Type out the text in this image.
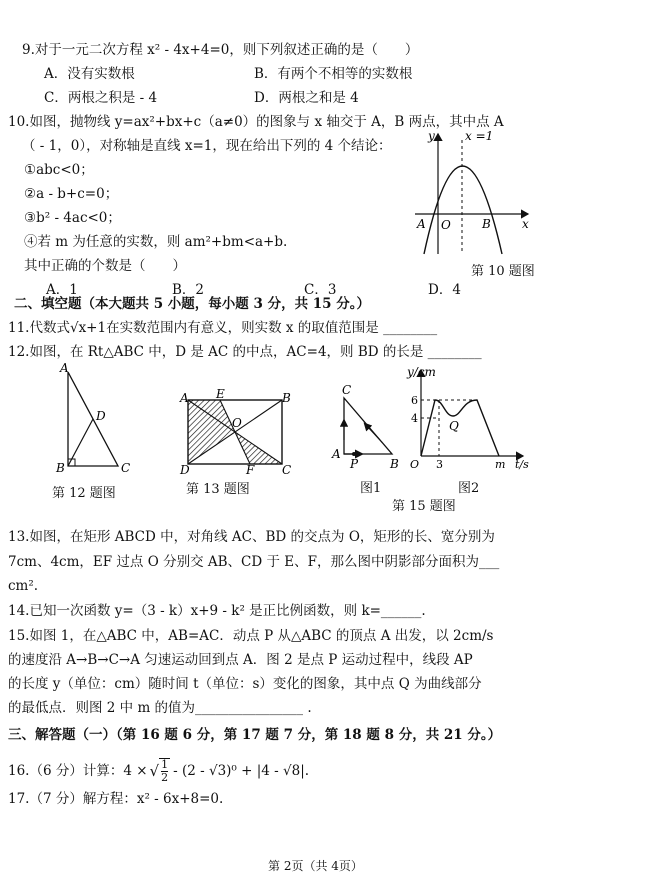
9.对于一元二次方程 x² - 4x+4=0，则下列叙述正确的是（　　）
A．没有实数根	B．有两个不相等的实数根
C．两根之积是 - 4	D．两根之和是 4
10.如图，抛物线 y=ax²+bx+c（a≠0）的图象与 x 轴交于 A，B 两点，其中点 A
（ - 1，0），对称轴是直线 x=1，现在给出下列的 4 个结论：
①abc<0；
②a - b+c=0；
③b² - 4ac<0；
④若 m 为任意的实数，则 am²+bm<a+b.
其中正确的个数是（　　）
A．1	B．2	C．3	D．4
y	x =1
A O	B	x
第 10 题图
二、填空题（本大题共 5 小题，每小题 3 分，共 15 分。）
11.代数式√x+1在实数范围内有意义，则实数 x 的取值范围是 ________
12.如图，在 Rt△ABC 中，D 是 AC 的中点，AC=4，则 BD 的长是 ________
A
D
B	C
第 12 题图
A E	B
O
D	F C
第 13 题图
C
A
P	B
图1
y/cm
6
4
O 3	m t/s
Q
图2
第 15 题图
13.如图，在矩形 ABCD 中，对角线 AC、BD 的交点为 O，矩形的长、宽分别为
7cm、4cm，EF 过点 O 分别交 AB、CD 于 E、F，那么图中阴影部分面积为___
cm².
14.已知一次函数 y=（3 - k）x+9 - k² 是正比例函数，则 k=______.
15.如图 1，在△ABC 中，AB=AC．动点 P 从△ABC 的顶点 A 出发，以 2cm/s
的速度沿 A→B→C→A 匀速运动回到点 A．图 2 是点 P 运动过程中，线段 AP
的长度 y（单位：cm）随时间 t（单位：s）变化的图象，其中点 Q 为曲线部分
的最低点．则图 2 中 m 的值为________________ .
三、解答题（一）（第 16 题 6 分，第 17 题 7 分，第 18 题 8 分，共 21 分。）
16.（6 分）计算：4 × √ $\frac{1}{2} - (2 - √3)^0 + |4 - √8|$.
17.（7 分）解方程：x² - 6x+8=0.
第 2页（共 4页）
